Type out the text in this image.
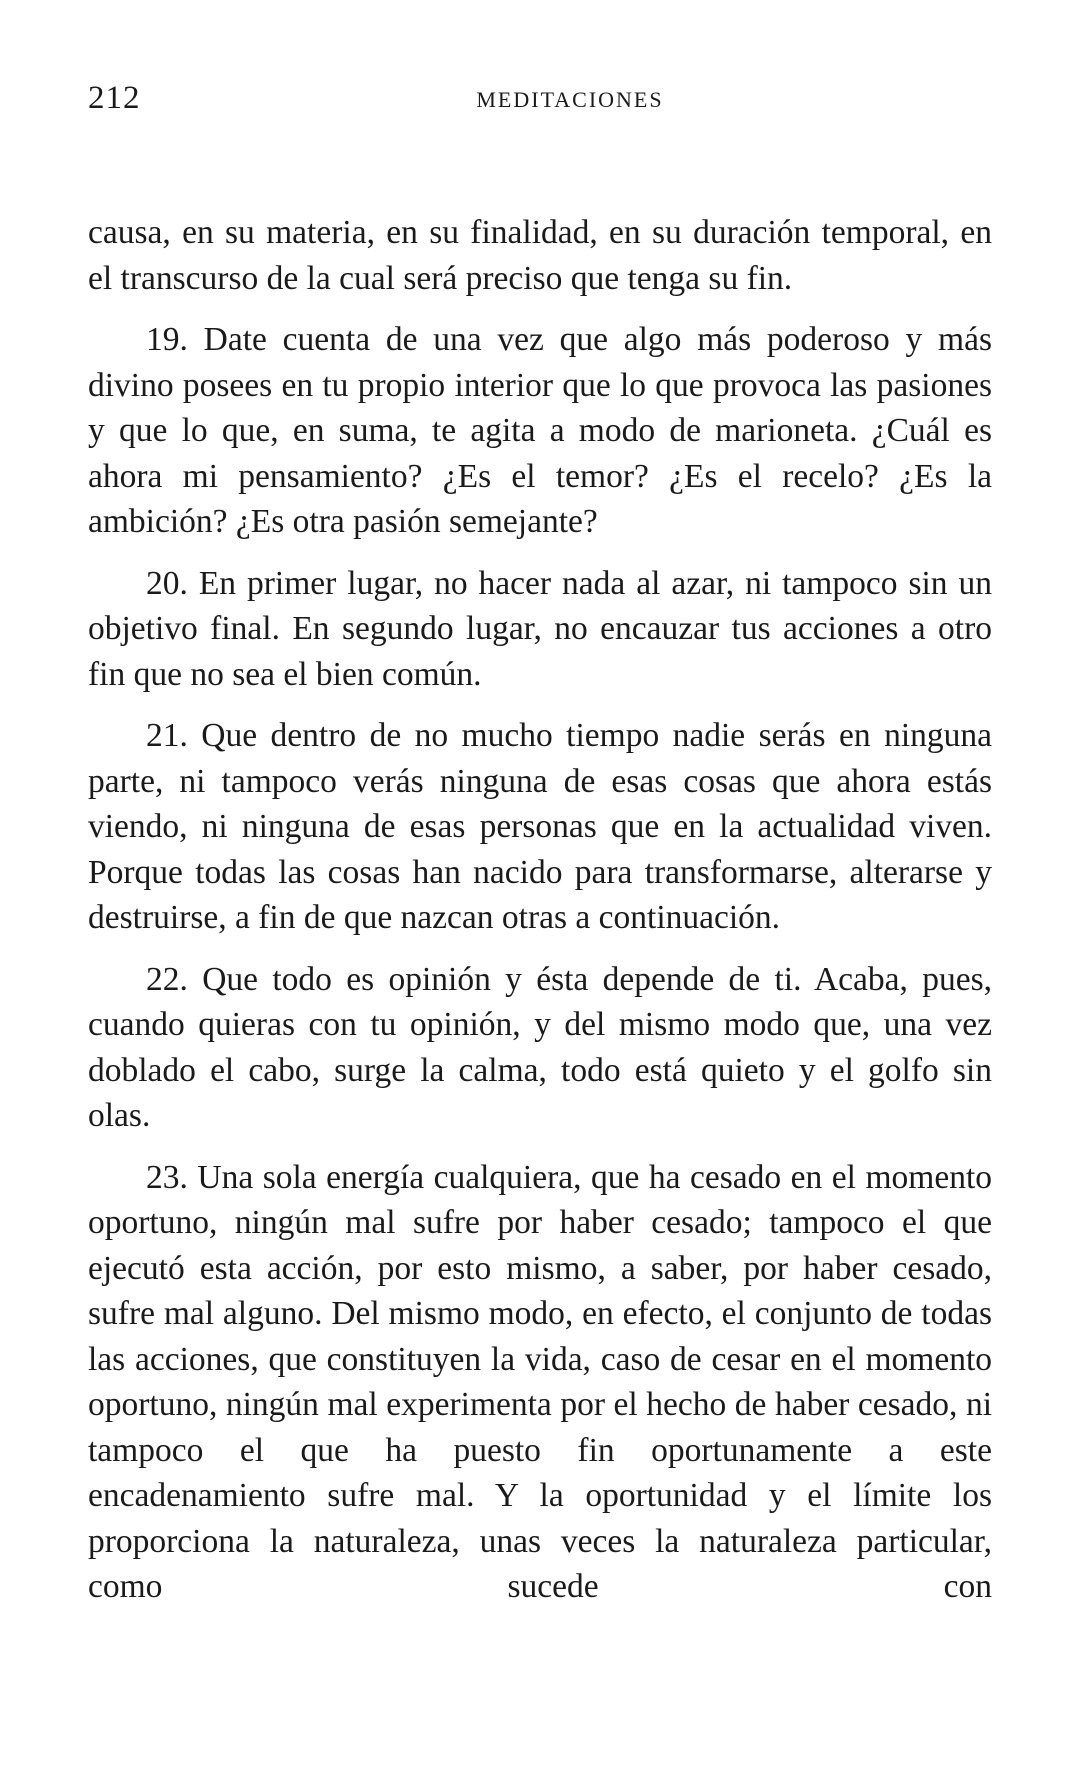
212	MEDITACIONES

causa, en su materia, en su finalidad, en su duración temporal, en el transcurso de la cual será preciso que tenga su fin.

19. Date cuenta de una vez que algo más poderoso y más divino posees en tu propio interior que lo que provoca las pasiones y que lo que, en suma, te agita a modo de marioneta. ¿Cuál es ahora mi pensamiento? ¿Es el temor? ¿Es el recelo? ¿Es la ambición? ¿Es otra pasión semejante?

20. En primer lugar, no hacer nada al azar, ni tampoco sin un objetivo final. En segundo lugar, no encauzar tus acciones a otro fin que no sea el bien común.

21. Que dentro de no mucho tiempo nadie serás en ninguna parte, ni tampoco verás ninguna de esas cosas que ahora estás viendo, ni ninguna de esas personas que en la actualidad viven. Porque todas las cosas han nacido para transformarse, alterarse y destruirse, a fin de que nazcan otras a continuación.

22. Que todo es opinión y ésta depende de ti. Acaba, pues, cuando quieras con tu opinión, y del mismo modo que, una vez doblado el cabo, surge la calma, todo está quieto y el golfo sin olas.

23. Una sola energía cualquiera, que ha cesado en el momento oportuno, ningún mal sufre por haber cesado; tampoco el que ejecutó esta acción, por esto mismo, a saber, por haber cesado, sufre mal alguno. Del mismo modo, en efecto, el conjunto de todas las acciones, que constituyen la vida, caso de cesar en el momento oportuno, ningún mal experimenta por el hecho de haber cesado, ni tampoco el que ha puesto fin oportunamente a este encadenamiento sufre mal. Y la oportunidad y el límite los proporciona la naturaleza, unas veces la naturaleza particular, como sucede con
